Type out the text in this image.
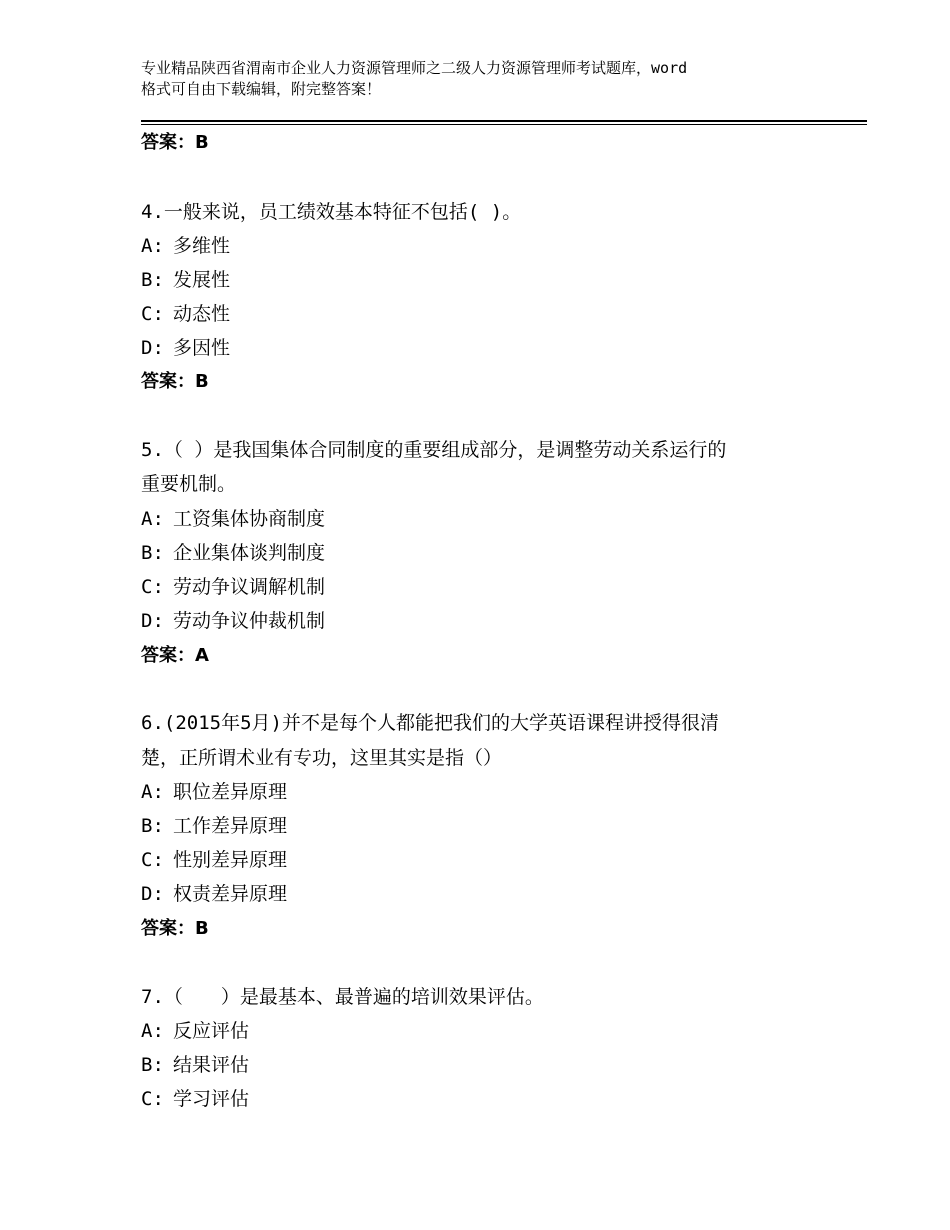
专业精品陕西省渭南市企业人力资源管理师之二级人力资源管理师考试题库，word
格式可自由下载编辑，附完整答案！
答案：B
4.一般来说，员工绩效基本特征不包括( )。
A: 多维性
B: 发展性
C: 动态性
D: 多因性
答案：B
5.（ ）是我国集体合同制度的重要组成部分，是调整劳动关系运行的
重要机制。
A: 工资集体协商制度
B: 企业集体谈判制度
C: 劳动争议调解机制
D: 劳动争议仲裁机制
答案：A
6.(2015年5月)并不是每个人都能把我们的大学英语课程讲授得很清
楚，正所谓术业有专功，这里其实是指（）
A: 职位差异原理
B: 工作差异原理
C: 性别差异原理
D: 权责差异原理
答案：B
7.（　　）是最基本、最普遍的培训效果评估。
A: 反应评估
B: 结果评估
C: 学习评估
